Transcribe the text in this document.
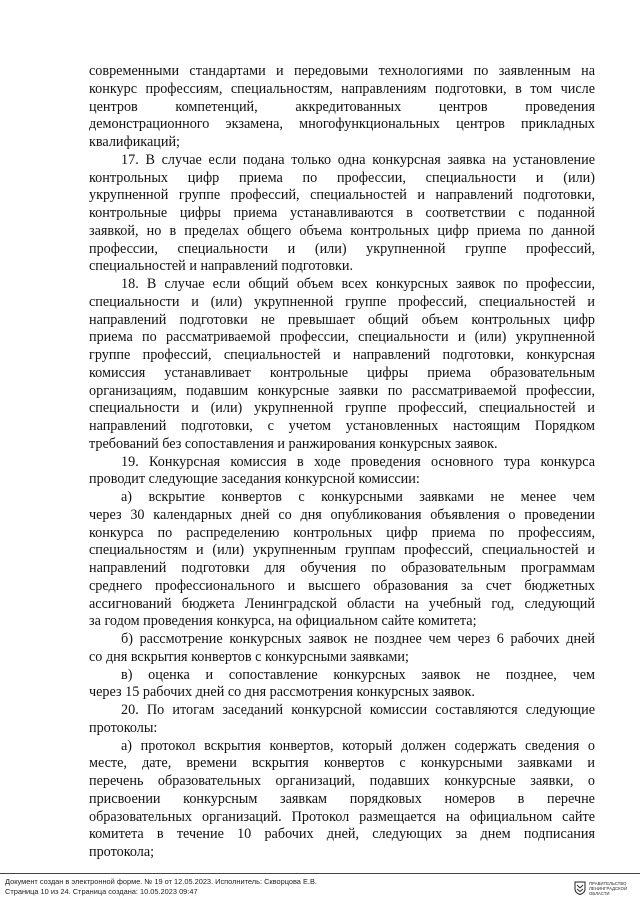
современными стандартами и передовыми технологиями по заявленным на
конкурс профессиям, специальностям, направлениям подготовки, в том числе
центров компетенций, аккредитованных центров проведения
демонстрационного экзамена, многофункциональных центров прикладных
квалификаций;
17. В случае если подана только одна конкурсная заявка на установление
контрольных цифр приема по профессии, специальности и (или)
укрупненной группе профессий, специальностей и направлений подготовки,
контрольные цифры приема устанавливаются в соответствии с поданной
заявкой, но в пределах общего объема контрольных цифр приема по данной
профессии, специальности и (или) укрупненной группе профессий,
специальностей и направлений подготовки.
18. В случае если общий объем всех конкурсных заявок по профессии,
специальности и (или) укрупненной группе профессий, специальностей и
направлений подготовки не превышает общий объем контрольных цифр
приема по рассматриваемой профессии, специальности и (или) укрупненной
группе профессий, специальностей и направлений подготовки, конкурсная
комиссия устанавливает контрольные цифры приема образовательным
организациям, подавшим конкурсные заявки по рассматриваемой профессии,
специальности и (или) укрупненной группе профессий, специальностей и
направлений подготовки, с учетом установленных настоящим Порядком
требований без сопоставления и ранжирования конкурсных заявок.
19. Конкурсная комиссия в ходе проведения основного тура конкурса
проводит следующие заседания конкурсной комиссии:
а) вскрытие конвертов с конкурсными заявками не менее чем
через 30 календарных дней со дня опубликования объявления о проведении
конкурса по распределению контрольных цифр приема по профессиям,
специальностям и (или) укрупненным группам профессий, специальностей и
направлений подготовки для обучения по образовательным программам
среднего профессионального и высшего образования за счет бюджетных
ассигнований бюджета Ленинградской области на учебный год, следующий
за годом проведения конкурса, на официальном сайте комитета;
б) рассмотрение конкурсных заявок не позднее чем через 6 рабочих дней
со дня вскрытия конвертов с конкурсными заявками;
в) оценка и сопоставление конкурсных заявок не позднее, чем
через 15 рабочих дней со дня рассмотрения конкурсных заявок.
20. По итогам заседаний конкурсной комиссии составляются следующие
протоколы:
а) протокол вскрытия конвертов, который должен содержать сведения о
месте, дате, времени вскрытия конвертов с конкурсными заявками и
перечень образовательных организаций, подавших конкурсные заявки, о
присвоении конкурсным заявкам порядковых номеров в перечне
образовательных организаций. Протокол размещается на официальном сайте
комитета в течение 10 рабочих дней, следующих за днем подписания
протокола;
Документ создан в электронной форме. № 19 от 12.05.2023. Исполнитель: Скворцова Е.В.
Страница 10 из 24. Страница создана: 10.05.2023 09:47
ПРАВИТЕЛЬСТВО
ЛЕНИНГРАДСКОЙ
ОБЛАСТИ
